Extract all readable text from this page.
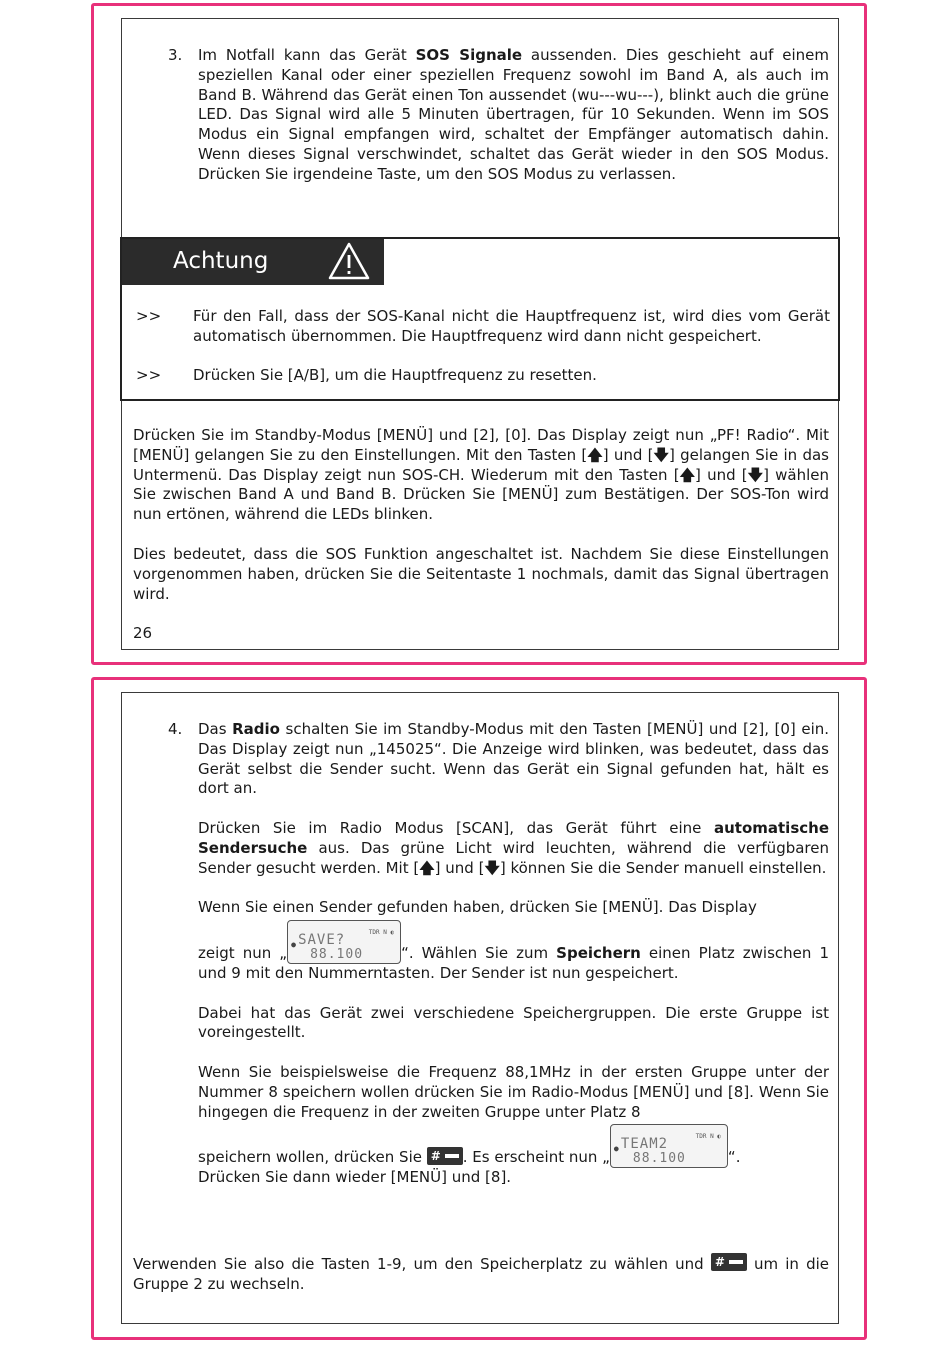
3. Im Notfall kann das Gerät SOS Signale aussenden. Dies geschieht auf einem speziellen Kanal oder einer speziellen Frequenz sowohl im Band A, als auch im Band B. Während das Gerät einen Ton aussendet (wu---wu---), blinkt auch die grüne LED. Das Signal wird alle 5 Minuten übertragen, für 10 Sekunden. Wenn im SOS Modus ein Signal empfangen wird, schaltet der Empfänger automatisch dahin. Wenn dieses Signal verschwindet, schaltet das Gerät wieder in den SOS Modus. Drücken Sie irgendeine Taste, um den SOS Modus zu verlassen.

Achtung
>> Für den Fall, dass der SOS-Kanal nicht die Hauptfrequenz ist, wird dies vom Gerät automatisch übernommen. Die Hauptfrequenz wird dann nicht gespeichert.

>> Drücken Sie [A/B], um die Hauptfrequenz zu resetten.

Drücken Sie im Standby-Modus [MENÜ] und [2], [0]. Das Display zeigt nun „PF! Radio“. Mit [MENÜ] gelangen Sie zu den Einstellungen. Mit den Tasten [🡅] und [🡇] gelangen Sie in das Untermenü. Das Display zeigt nun SOS-CH. Wiederum mit den Tasten [🡅] und [🡇] wählen Sie zwischen Band A und Band B. Drücken Sie [MENÜ] zum Bestätigen. Der SOS-Ton wird nun ertönen, während die LEDs blinken.

Dies bedeutet, dass die SOS Funktion angeschaltet ist. Nachdem Sie diese Einstellungen vorgenommen haben, drücken Sie die Seitentaste 1 nochmals, damit das Signal übertragen wird.

26
4. Das Radio schalten Sie im Standby-Modus mit den Tasten [MENÜ] und [2], [0] ein. Das Display zeigt nun „145025“. Die Anzeige wird blinken, was bedeutet, dass das Gerät selbst die Sender sucht. Wenn das Gerät ein Signal gefunden hat, hält es dort an.

Drücken Sie im Radio Modus [SCAN], das Gerät führt eine automatische Sendersuche aus. Das grüne Licht wird leuchten, während die verfügbaren Sender gesucht werden. Mit [🡅] und [🡇] können Sie die Sender manuell einstellen.

Wenn Sie einen Sender gefunden haben, drücken Sie [MENÜ]. Das Display

zeigt nun „
TDR N ◐
● SAVE?
88.100	“. Wählen Sie zum Speichern einen Platz zwischen 1 und 9 mit den Nummerntasten. Der Sender ist nun gespeichert.

Dabei hat das Gerät zwei verschiedene Speichergruppen. Die erste Gruppe ist voreingestellt.

Wenn Sie beispielsweise die Frequenz 88,1MHz in der ersten Gruppe unter der Nummer 8 speichern wollen drücken Sie im Radio-Modus [MENÜ] und [8]. Wenn Sie hingegen die Frequenz in der zweiten Gruppe unter Platz 8

speichern wollen, drücken Sie # . Es erscheint nun „
TDR N ◐
● TEAM2
88.100	“.

Drücken Sie dann wieder [MENÜ] und [8].

Verwenden Sie also die Tasten 1-9, um den Speicherplatz zu wählen und # um in die Gruppe 2 zu wechseln.
